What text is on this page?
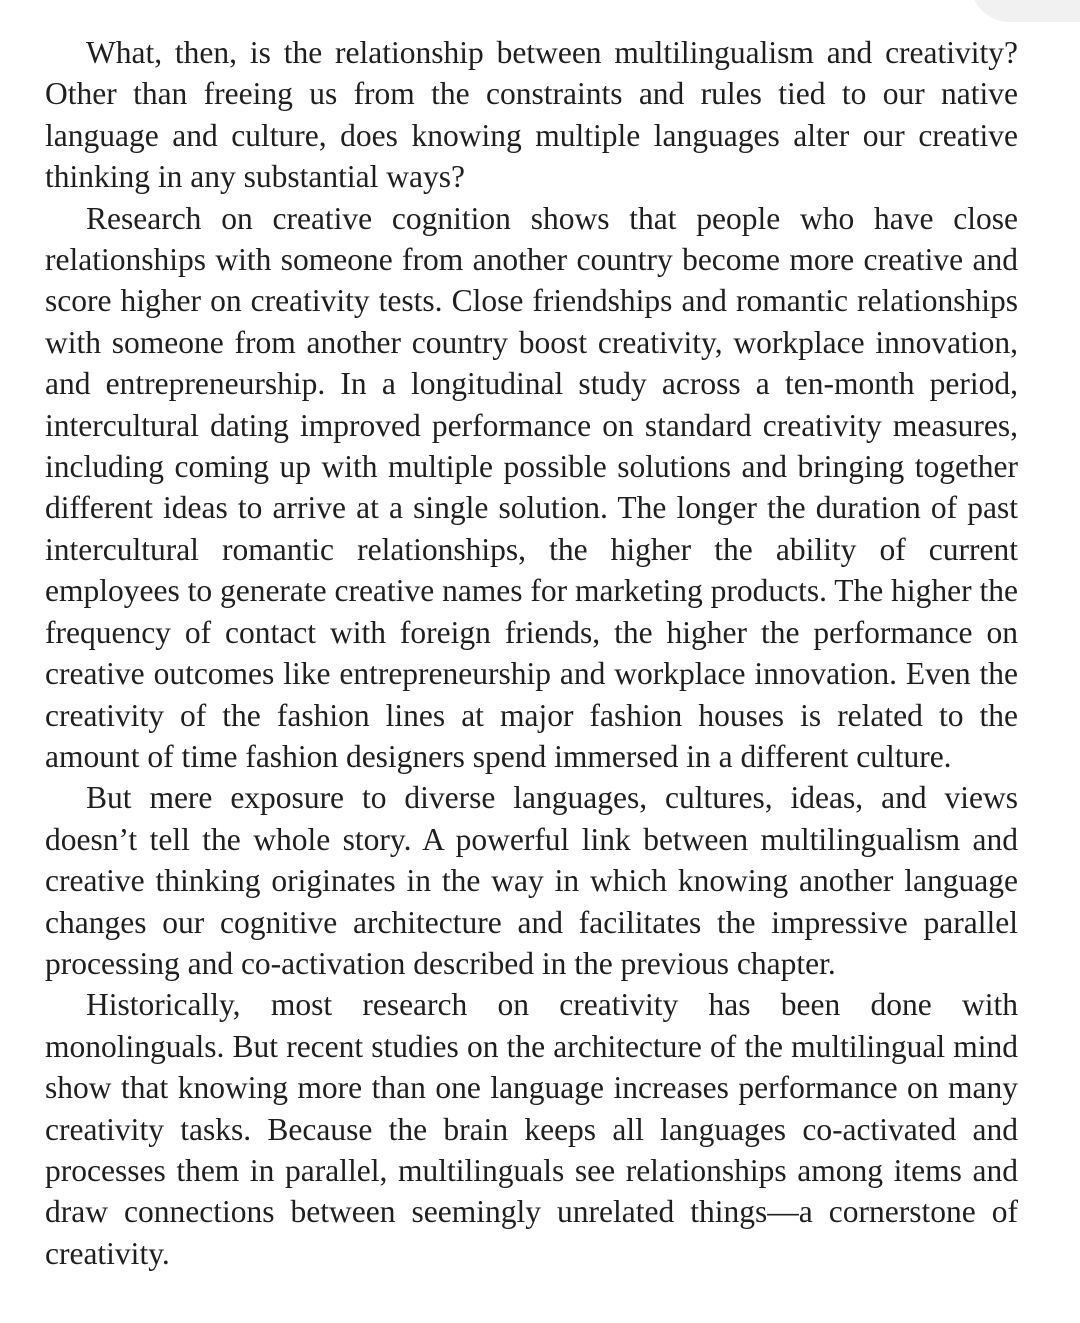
What, then, is the relationship between multilingualism and creativity? Other than freeing us from the constraints and rules tied to our native language and culture, does knowing multiple languages alter our creative thinking in any substantial ways?

Research on creative cognition shows that people who have close relationships with someone from another country become more creative and score higher on creativity tests. Close friendships and romantic relationships with someone from another country boost creativity, workplace innovation, and entrepreneurship. In a longitudinal study across a ten-month period, intercultural dating improved performance on standard creativity measures, including coming up with multiple possible solutions and bringing together different ideas to arrive at a single solution. The longer the duration of past intercultural romantic relationships, the higher the ability of current employees to generate creative names for marketing products. The higher the frequency of contact with foreign friends, the higher the performance on creative outcomes like entrepreneurship and workplace innovation. Even the creativity of the fashion lines at major fashion houses is related to the amount of time fashion designers spend immersed in a different culture.

But mere exposure to diverse languages, cultures, ideas, and views doesn’t tell the whole story. A powerful link between multilingualism and creative thinking originates in the way in which knowing another language changes our cognitive architecture and facilitates the impressive parallel processing and co-activation described in the previous chapter.

Historically, most research on creativity has been done with monolinguals. But recent studies on the architecture of the multilingual mind show that knowing more than one language increases performance on many creativity tasks. Because the brain keeps all languages co-activated and processes them in parallel, multilinguals see relationships among items and draw connections between seemingly unrelated things—a cornerstone of creativity.
